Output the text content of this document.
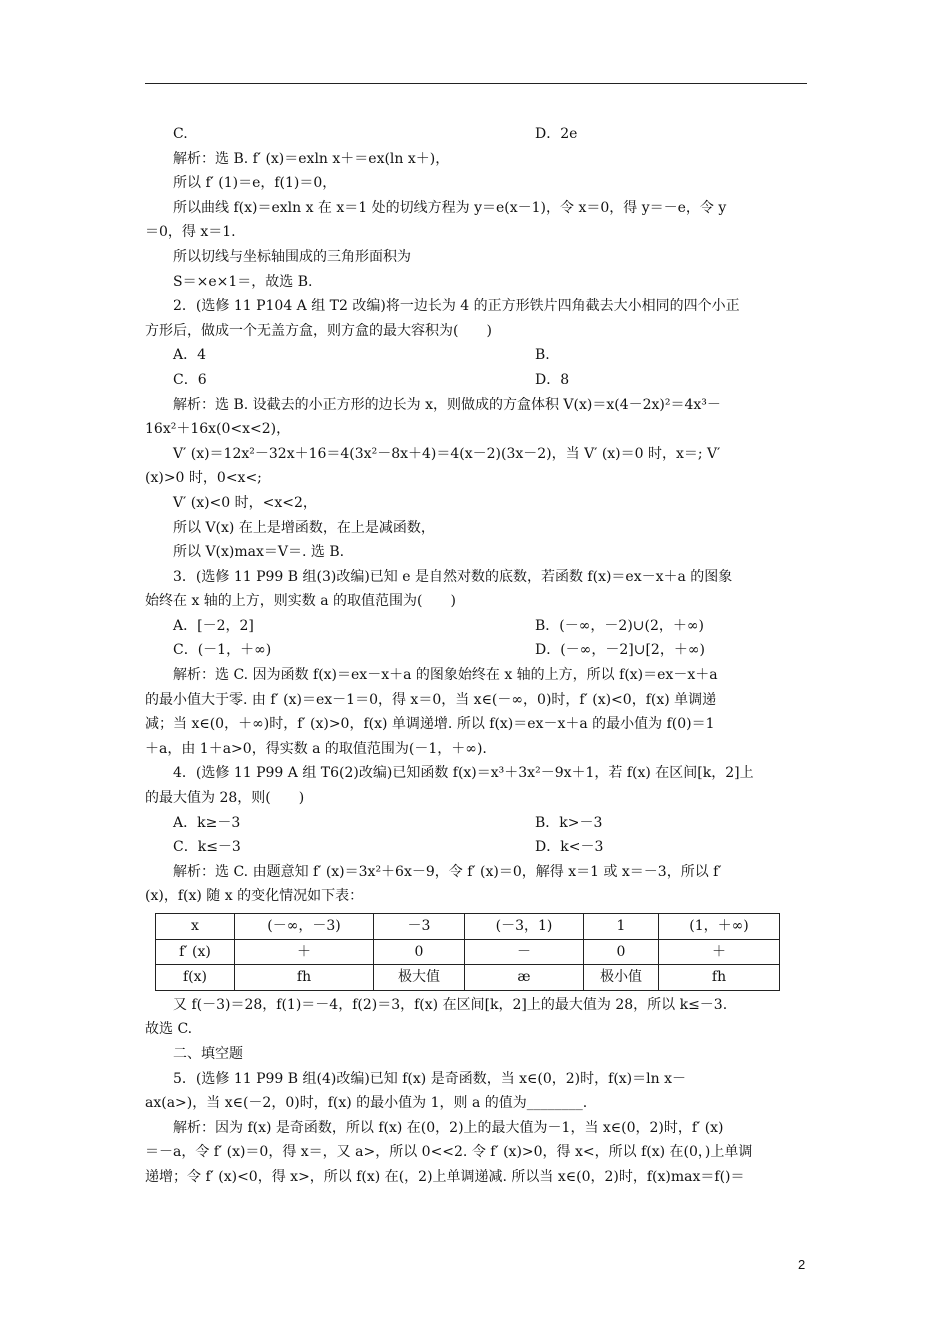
C.	D．2e
解析：选 B. f′ (x)＝exln x＋＝ex(ln x＋)，
所以 f′ (1)＝e，f(1)＝0，
所以曲线 f(x)＝exln x 在 x＝1 处的切线方程为 y＝e(x－1)，令 x＝0，得 y＝－e，令 y
＝0，得 x＝1.
所以切线与坐标轴围成的三角形面积为
S＝×e×1＝，故选 B.
2．(选修 11 P104 A 组 T2 改编)将一边长为 4 的正方形铁片四角截去大小相同的四个小正
方形后，做成一个无盖方盒，则方盒的最大容积为(　　)
A．4	B.
C．6	D．8
解析：选 B. 设截去的小正方形的边长为 x，则做成的方盒体积 V(x)＝x(4－2x)²＝4x³－
16x²＋16x(0<x<2)，
V′ (x)＝12x²－32x＋16＝4(3x²－8x＋4)＝4(x－2)(3x－2)，当 V′ (x)＝0 时，x＝; V′
(x)>0 时，0<x<;
V′ (x)<0 时，<x<2，
所以 V(x) 在上是增函数，在上是减函数，
所以 V(x)max＝V＝. 选 B.
3．(选修 11 P99 B 组(3)改编)已知 e 是自然对数的底数，若函数 f(x)＝ex－x＋a 的图象
始终在 x 轴的上方，则实数 a 的取值范围为(　　)
A．[－2，2]	B．(－∞，－2)∪(2，＋∞)
C．(－1，＋∞)	D．(－∞，－2]∪[2，＋∞)
解析：选 C. 因为函数 f(x)＝ex－x＋a 的图象始终在 x 轴的上方，所以 f(x)＝ex－x＋a
的最小值大于零. 由 f′ (x)＝ex－1＝0，得 x＝0，当 x∈(－∞，0)时，f′ (x)<0，f(x) 单调递
减；当 x∈(0，＋∞)时，f′ (x)>0，f(x) 单调递增. 所以 f(x)＝ex－x＋a 的最小值为 f(0)＝1
＋a，由 1＋a>0，得实数 a 的取值范围为(－1，＋∞).
4．(选修 11 P99 A 组 T6(2)改编)已知函数 f(x)＝x³＋3x²－9x＋1，若 f(x) 在区间[k，2]上
的最大值为 28，则(　　)
A．k≥－3	B．k>－3
C．k≤－3	D．k<－3
解析：选 C. 由题意知 f′ (x)＝3x²＋6x－9，令 f′ (x)＝0，解得 x＝1 或 x＝－3，所以 f′
(x)，f(x) 随 x 的变化情况如下表：
x	(－∞，－3)	－3	(－3，1)	1	(1，＋∞)
f′ (x)	＋	0	－	0	＋
f(x)	fh	极大值	æ	极小值	fh
又 f(－3)＝28，f(1)＝－4，f(2)＝3，f(x) 在区间[k，2]上的最大值为 28，所以 k≤－3.
故选 C.
二、填空题
5．(选修 11 P99 B 组(4)改编)已知 f(x) 是奇函数，当 x∈(0，2)时，f(x)＝ln x－
ax(a>)，当 x∈(－2，0)时，f(x) 的最小值为 1，则 a 的值为________.
解析：因为 f(x) 是奇函数，所以 f(x) 在(0，2)上的最大值为－1，当 x∈(0，2)时，f′ (x)
＝－a，令 f′ (x)＝0，得 x＝，又 a>，所以 0<<2. 令 f′ (x)>0，得 x<，所以 f(x) 在(0，)上单调
递增；令 f′ (x)<0，得 x>，所以 f(x) 在(，2)上单调递减. 所以当 x∈(0，2)时，f(x)max＝f()＝
2
